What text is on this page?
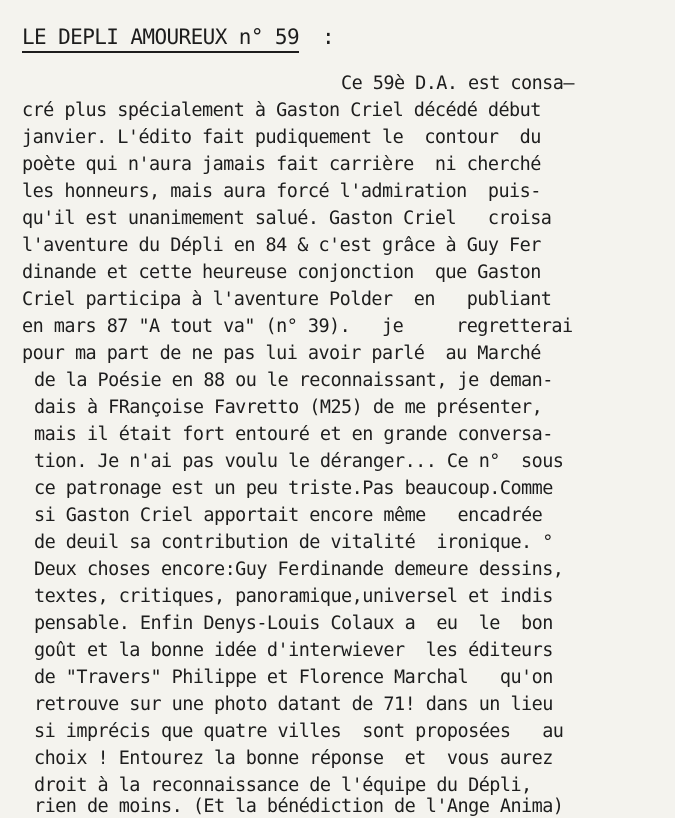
LE DEPLI AMOUREUX n° 59 :
Ce 59è D.A. est consa—
cré plus spécialement à Gaston Criel décédé début
janvier. L'édito fait pudiquement le  contour  du
poète qui n'aura jamais fait carrière  ni cherché
les honneurs, mais aura forcé l'admiration  puis-
qu'il est unanimement salué. Gaston Criel   croisa
l'aventure du Dépli en 84 & c'est grâce à Guy Fer
dinande et cette heureuse conjonction  que Gaston
Criel participa à l'aventure Polder  en   publiant
en mars 87 "A tout va" (n° 39).   je     regretterai
pour ma part de ne pas lui avoir parlé  au Marché
de la Poésie en 88 ou le reconnaissant, je deman-
dais à FRançoise Favretto (M25) de me présenter,
mais il était fort entouré et en grande conversa-
tion. Je n'ai pas voulu le déranger... Ce n°  sous
ce patronage est un peu triste.Pas beaucoup.Comme
si Gaston Criel apportait encore même   encadrée
de deuil sa contribution de vitalité  ironique. °
Deux choses encore:Guy Ferdinande demeure dessins,
textes, critiques, panoramique,universel et indis
pensable. Enfin Denys-Louis Colaux a  eu  le  bon
goût et la bonne idée d'interwiever  les éditeurs
de "Travers" Philippe et Florence Marchal   qu'on
retrouve sur une photo datant de 71! dans un lieu
si imprécis que quatre villes  sont proposées   au
choix ! Entourez la bonne réponse  et  vous aurez
droit à la reconnaissance de l'équipe du Dépli,
rien de moins. (Et la bénédiction de l'Ange Anima)
